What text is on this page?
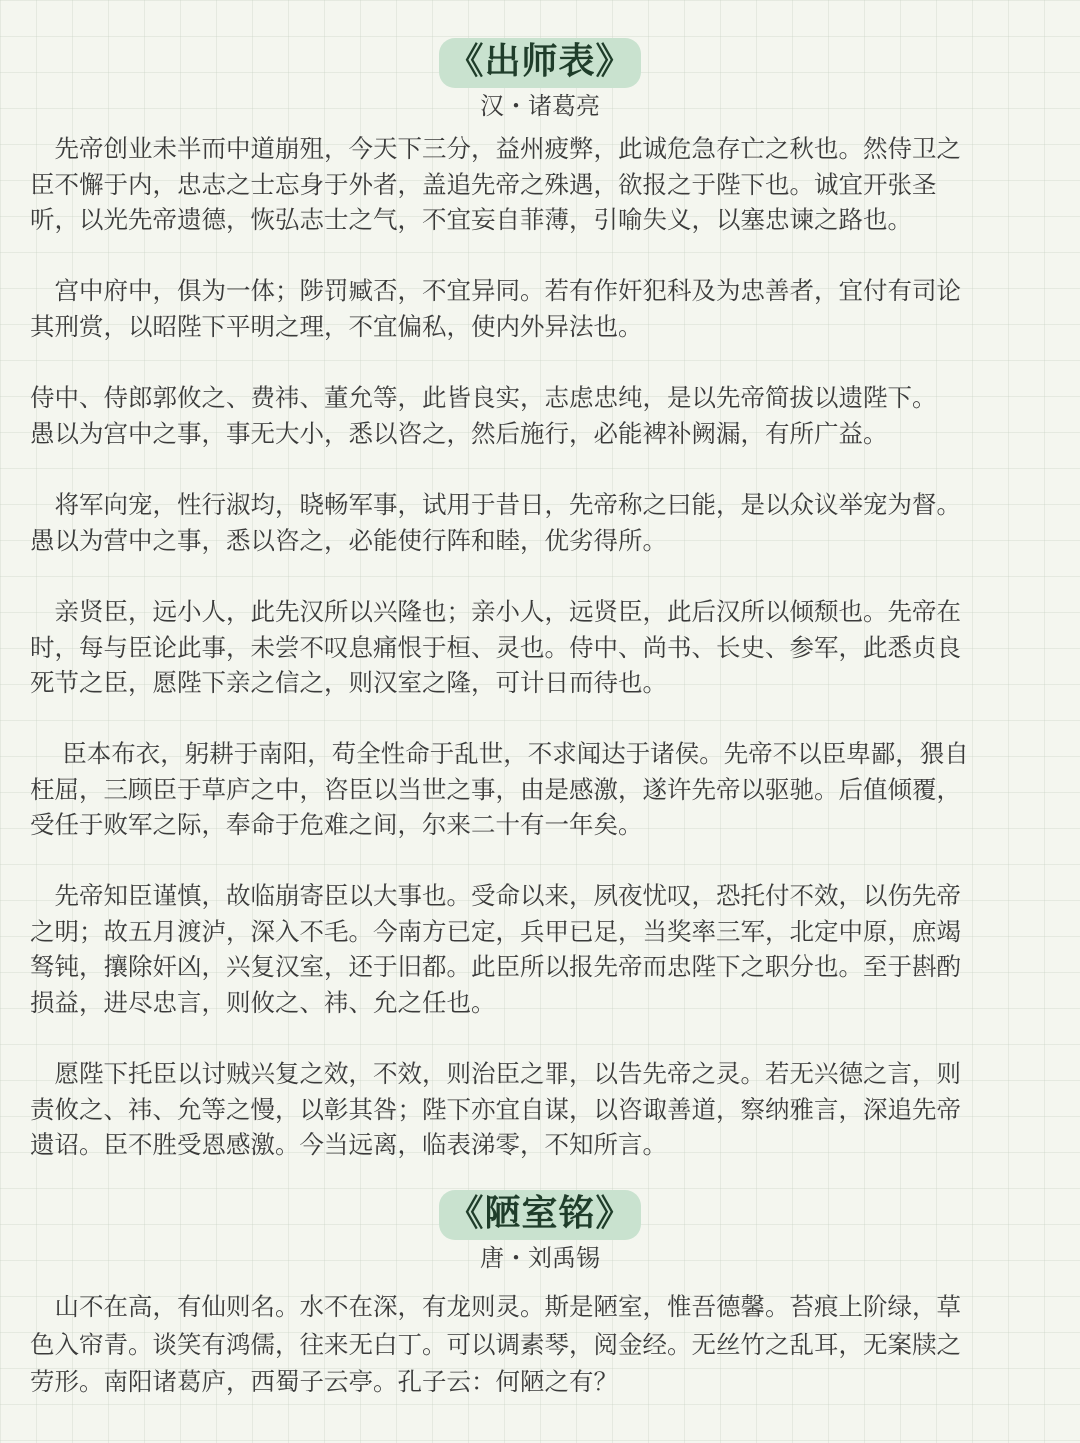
《出师表》
汉・诸葛亮
　先帝创业未半而中道崩殂，今天下三分，益州疲弊，此诚危急存亡之秋也。然侍卫之
臣不懈于内，忠志之士忘身于外者，盖追先帝之殊遇，欲报之于陛下也。诚宜开张圣
听，以光先帝遗德，恢弘志士之气，不宜妄自菲薄，引喻失义，以塞忠谏之路也。
　宫中府中，俱为一体；陟罚臧否，不宜异同。若有作奸犯科及为忠善者，宜付有司论
其刑赏，以昭陛下平明之理，不宜偏私，使内外异法也。
侍中、侍郎郭攸之、费祎、董允等，此皆良实，志虑忠纯，是以先帝简拔以遗陛下。
愚以为宫中之事，事无大小，悉以咨之，然后施行，必能裨补阙漏，有所广益。
　将军向宠，性行淑均，晓畅军事，试用于昔日，先帝称之曰能，是以众议举宠为督。
愚以为营中之事，悉以咨之，必能使行阵和睦，优劣得所。
　亲贤臣，远小人，此先汉所以兴隆也；亲小人，远贤臣，此后汉所以倾颓也。先帝在
时，每与臣论此事，未尝不叹息痛恨于桓、灵也。侍中、尚书、长史、参军，此悉贞良
死节之臣，愿陛下亲之信之，则汉室之隆，可计日而待也。
　 臣本布衣，躬耕于南阳，苟全性命于乱世，不求闻达于诸侯。先帝不以臣卑鄙，猥自
枉屈，三顾臣于草庐之中，咨臣以当世之事，由是感激，遂许先帝以驱驰。后值倾覆，
受任于败军之际，奉命于危难之间，尔来二十有一年矣。
　先帝知臣谨慎，故临崩寄臣以大事也。受命以来，夙夜忧叹，恐托付不效，以伤先帝
之明；故五月渡泸，深入不毛。今南方已定，兵甲已足，当奖率三军，北定中原，庶竭
驽钝，攘除奸凶，兴复汉室，还于旧都。此臣所以报先帝而忠陛下之职分也。至于斟酌
损益，进尽忠言，则攸之、祎、允之任也。
　愿陛下托臣以讨贼兴复之效，不效，则治臣之罪，以告先帝之灵。若无兴德之言，则
责攸之、祎、允等之慢，以彰其咎；陛下亦宜自谋，以咨诹善道，察纳雅言，深追先帝
遗诏。臣不胜受恩感激。今当远离，临表涕零，不知所言。
《陋室铭》
唐・刘禹锡
　山不在高，有仙则名。水不在深，有龙则灵。斯是陋室，惟吾德馨。苔痕上阶绿，草
色入帘青。谈笑有鸿儒，往来无白丁。可以调素琴，阅金经。无丝竹之乱耳，无案牍之
劳形。南阳诸葛庐，西蜀子云亭。孔子云：何陋之有？
